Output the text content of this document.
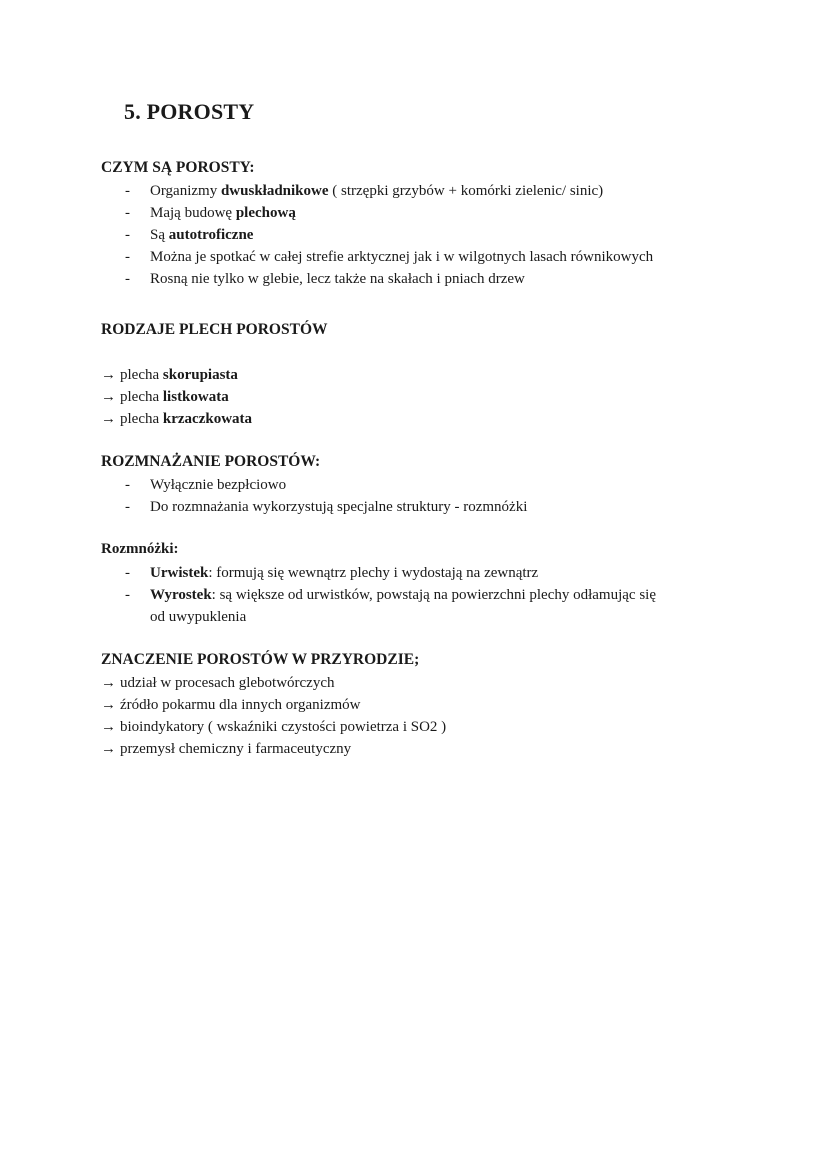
5. POROSTY
CZYM SĄ POROSTY:
- Organizmy dwuskładnikowe ( strzępki grzybów + komórki zielenic/ sinic)
- Mają budowę plechową
- Są autotroficzne
- Można je spotkać w całej strefie arktycznej jak i w wilgotnych lasach równikowych
- Rosną nie tylko w glebie, lecz także na skałach i pniach drzew
RODZAJE PLECH POROSTÓW
→ plecha skorupiasta
→ plecha listkowata
→ plecha krzaczkowata
ROZMNAŻANIE POROSTÓW:
- Wyłącznie bezpłciowo
- Do rozmnażania wykorzystują specjalne struktury - rozmnóżki
Rozmnóżki:
- Urwistek: formują się wewnątrz plechy i wydostają na zewnątrz
- Wyrostek: są większe od urwistków, powstają na powierzchni plechy odłamując się
od uwypuklenia
ZNACZENIE POROSTÓW W PRZYRODZIE;
→ udział w procesach glebotwórczych
→ źródło pokarmu dla innych organizmów
→ bioindykatory ( wskaźniki czystości powietrza i SO2 )
→ przemysł chemiczny i farmaceutyczny
